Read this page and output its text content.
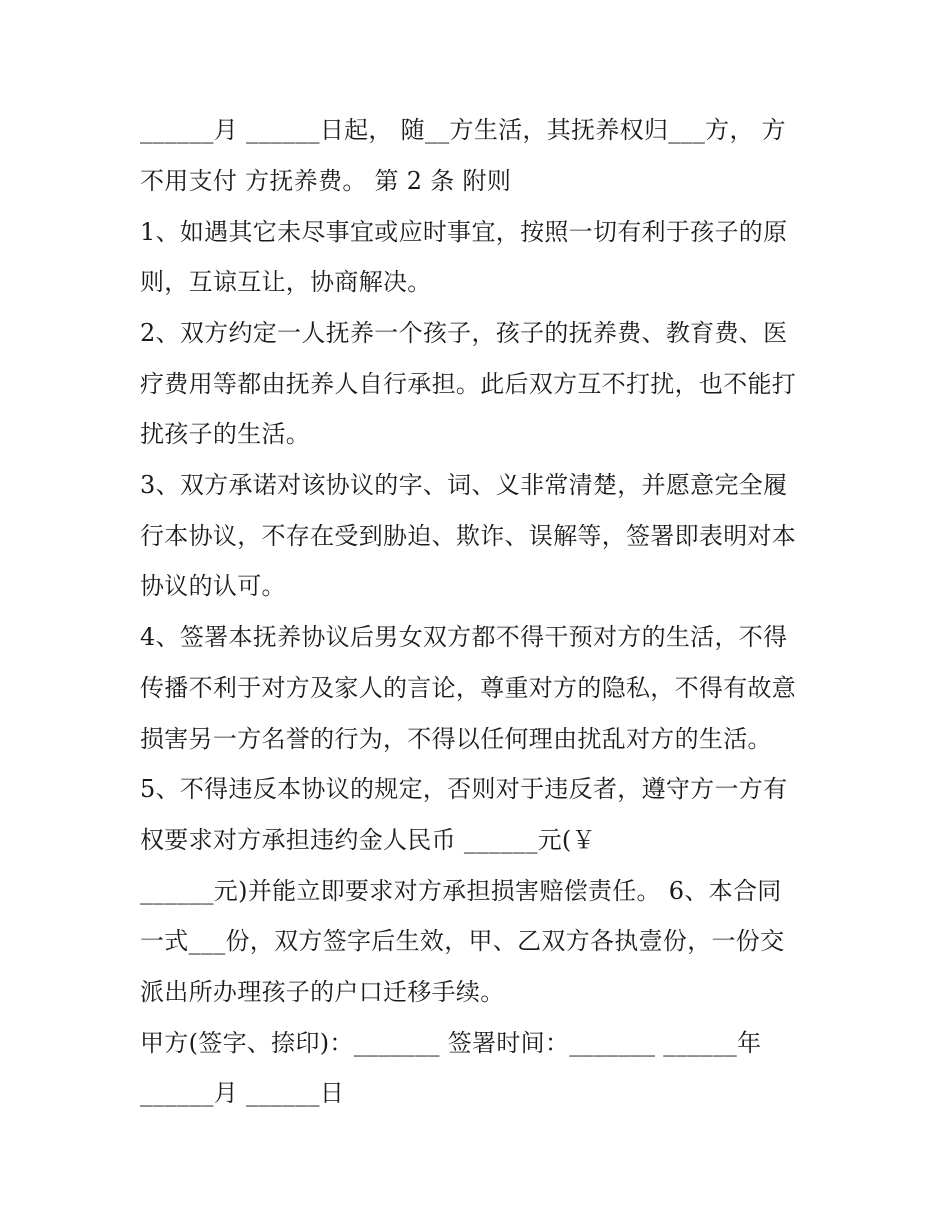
______月 ______日起， 随__方生活，其抚养权归___方， 方
不用支付 方抚养费。 第 2 条 附则
1、如遇其它未尽事宜或应时事宜，按照一切有利于孩子的原
则，互谅互让，协商解决。
2、双方约定一人抚养一个孩子，孩子的抚养费、教育费、医
疗费用等都由抚养人自行承担。此后双方互不打扰，也不能打
扰孩子的生活。
3、双方承诺对该协议的字、词、义非常清楚，并愿意完全履
行本协议，不存在受到胁迫、欺诈、误解等，签署即表明对本
协议的认可。
4、签署本抚养协议后男女双方都不得干预对方的生活，不得
传播不利于对方及家人的言论，尊重对方的隐私，不得有故意
损害另一方名誉的行为，不得以任何理由扰乱对方的生活。
5、不得违反本协议的规定，否则对于违反者，遵守方一方有
权要求对方承担违约金人民币 ______元(￥
______元)并能立即要求对方承担损害赔偿责任。 6、本合同
一式___份，双方签字后生效，甲、乙双方各执壹份，一份交
派出所办理孩子的户口迁移手续。
甲方(签字、捺印)：_______ 签署时间：_______ ______年
______月 ______日
